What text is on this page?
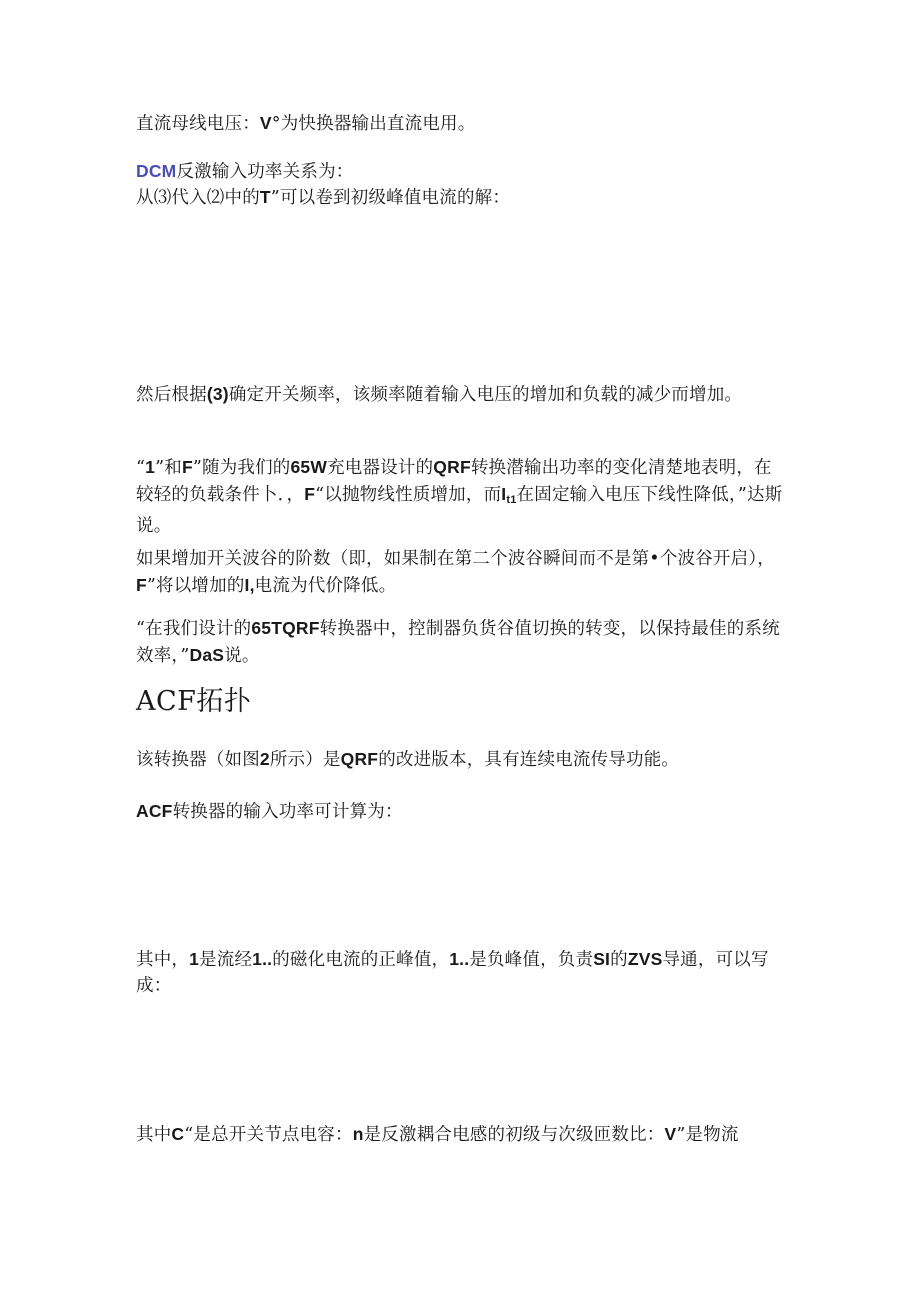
直流母线电压：V°为快换器输出直流电用。

DCM反激输入功率关系为：

从⑶代入⑵中的T”可以卷到初级峰值电流的解：

然后根据(3)确定开关频率，该频率随着输入电压的增加和负载的减少而增加。

“1”和F”随为我们的65W充电器设计的QRF转换潜输出功率的变化清楚地表明，在较轻的负载条件卜．，F“以抛物线性质增加，而$I_{t1}$在固定输入电压下线性降低，”达斯说。

如果增加开关波谷的阶数（即，如果制在第二个波谷瞬间而不是第•个波谷开启），F”将以增加的I,电流为代价降低。

“在我们设计的65TQRF转换器中，控制器负货谷值切换的转变，以保持最佳的系统效率，”DaS说。

ACF拓扑

该转换器（如图2所示）是QRF的改进版本，具有连续电流传导功能。

ACF转换器的输入功率可计算为：

其中，1是流经1..的磁化电流的正峰值，1..是负峰值，负责SI的ZVS导通，可以写成：

其中C“是总开关节点电容：n是反激耦合电感的初级与次级匝数比：V”是物流
